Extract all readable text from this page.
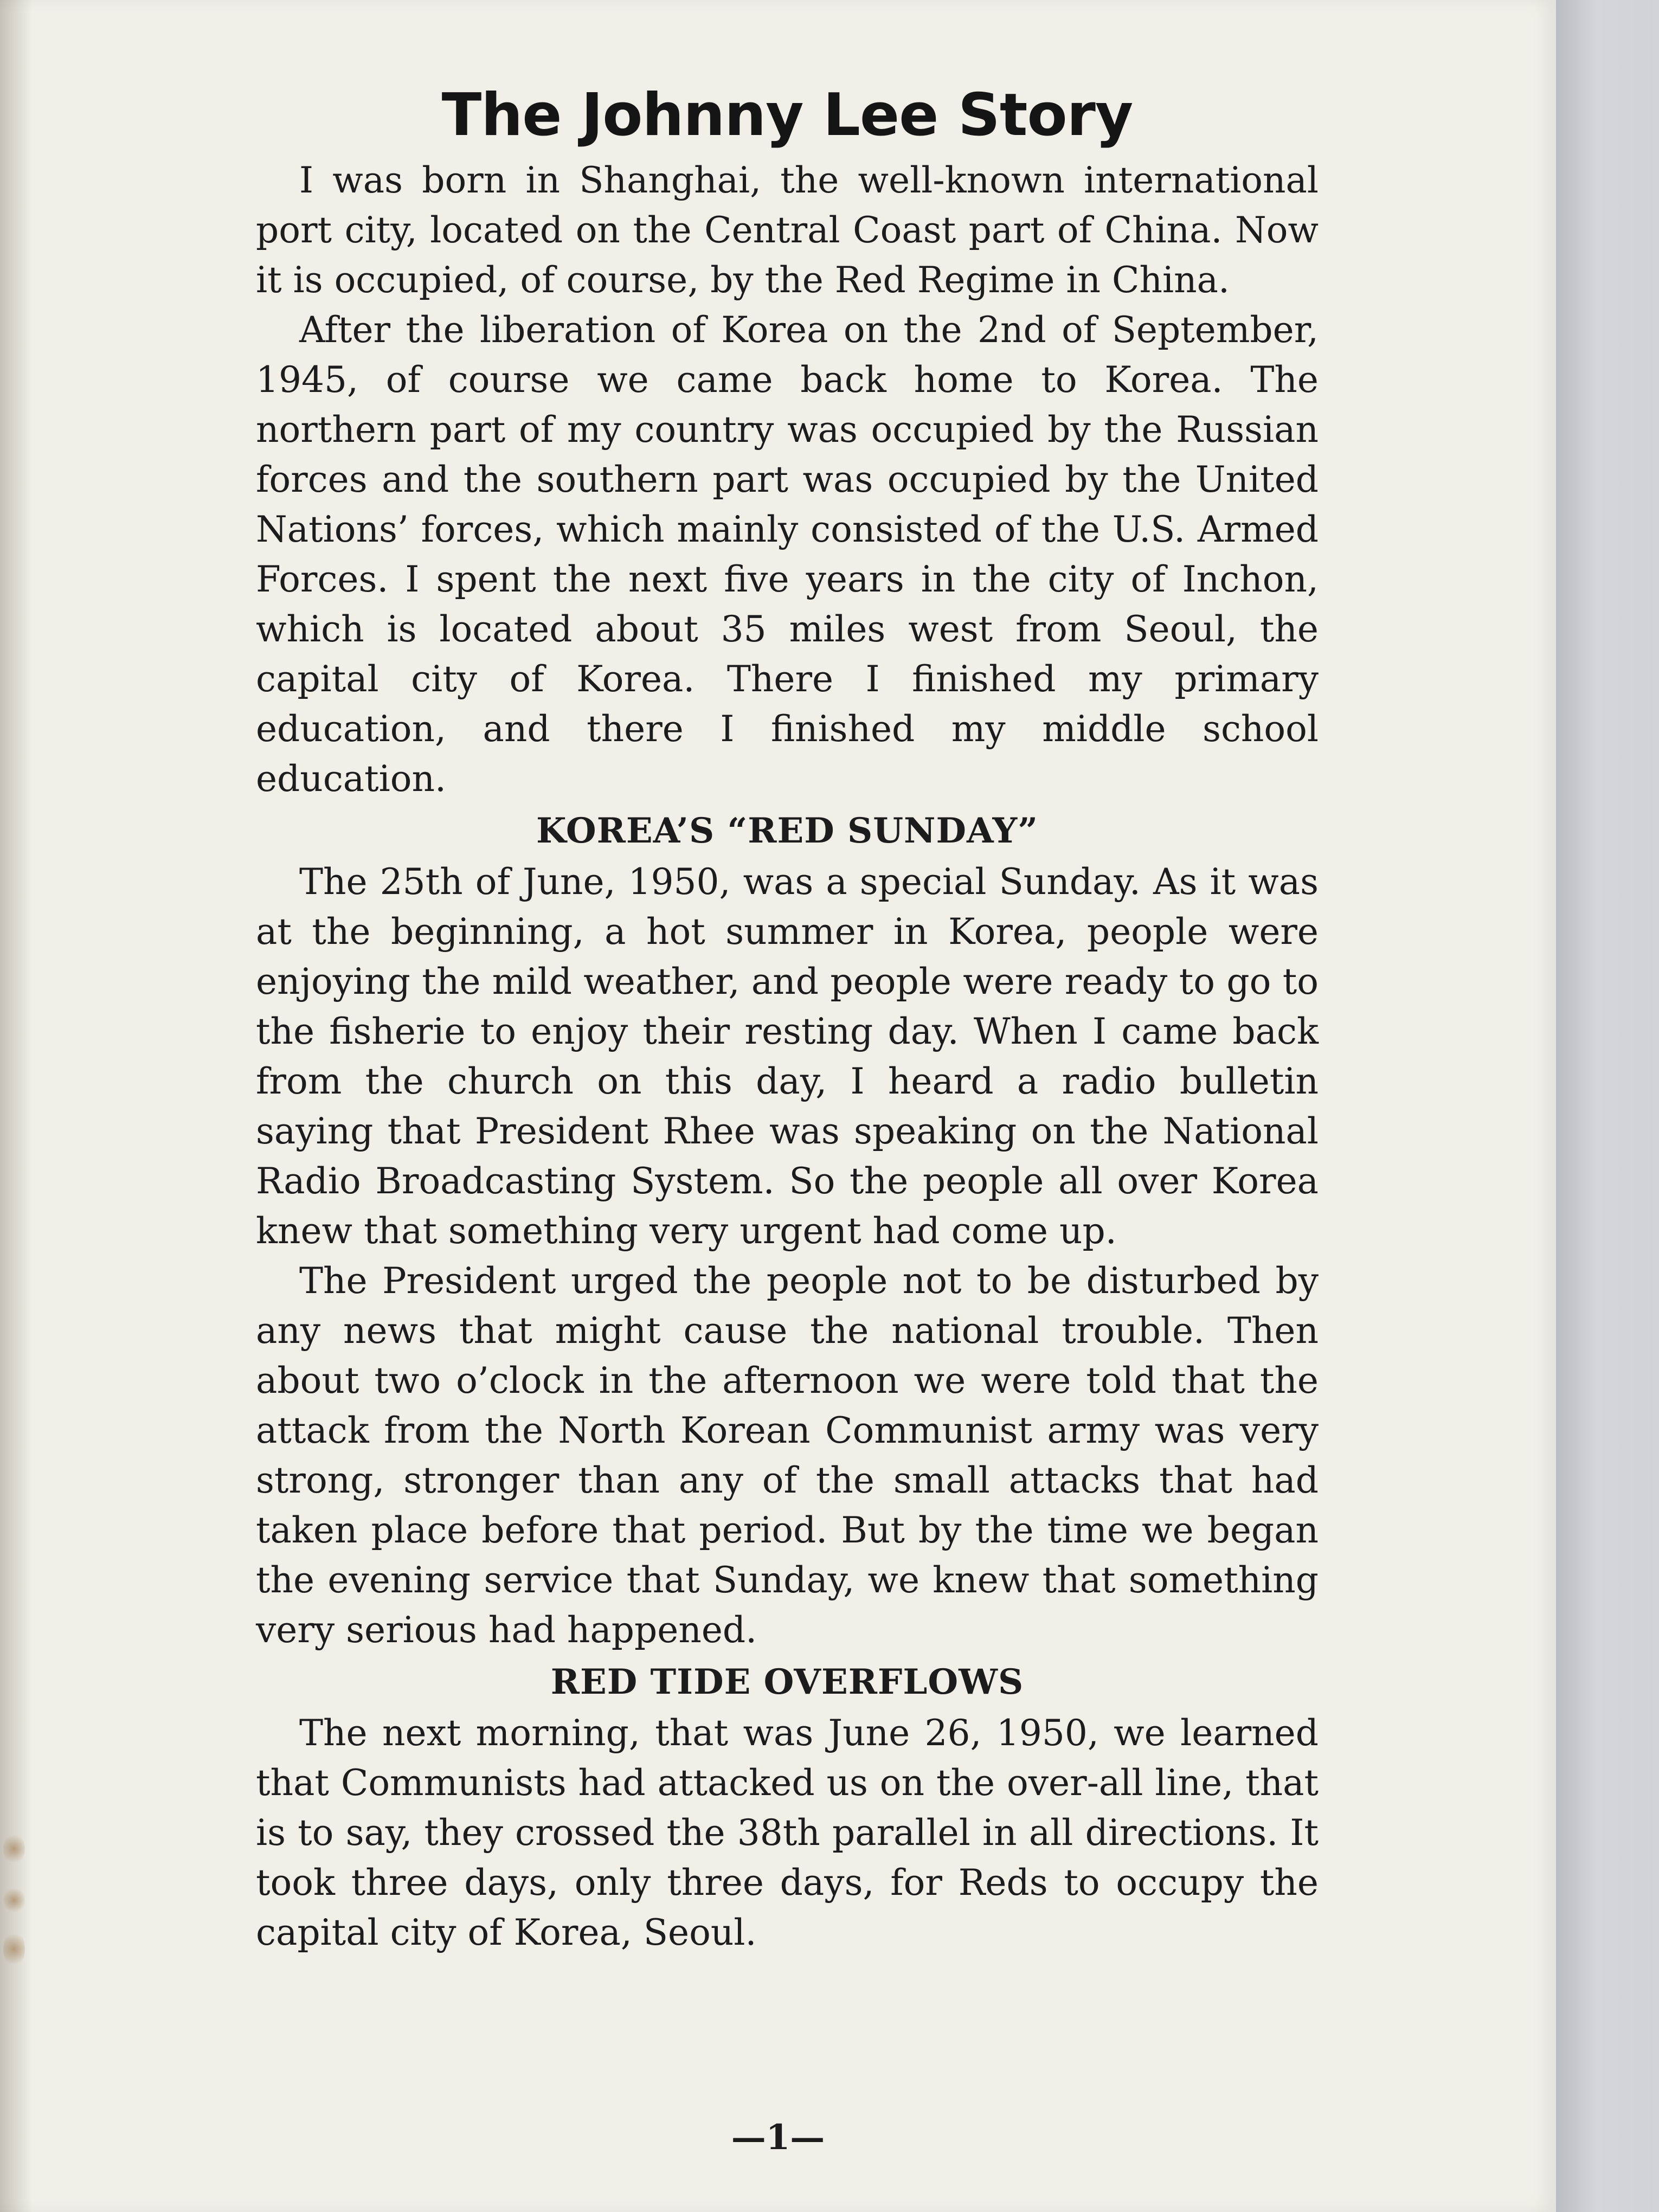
The Johnny Lee Story

I was born in Shanghai, the well-known international port city, located on the Central Coast part of China. Now it is occupied, of course, by the Red Regime in China.

After the liberation of Korea on the 2nd of September, 1945, of course we came back home to Korea. The northern part of my country was occupied by the Russian forces and the southern part was occupied by the United Nations’ forces, which mainly consisted of the U.S. Armed Forces. I spent the next five years in the city of Inchon, which is located about 35 miles west from Seoul, the capital city of Korea. There I finished my primary education, and there I finished my middle school education.

KOREA’S “RED SUNDAY”

The 25th of June, 1950, was a special Sunday. As it was at the beginning, a hot summer in Korea, people were enjoying the mild weather, and people were ready to go to the fisherie to enjoy their resting day. When I came back from the church on this day, I heard a radio bulletin saying that President Rhee was speaking on the National Radio Broadcasting System. So the people all over Korea knew that something very urgent had come up.

The President urged the people not to be disturbed by any news that might cause the national trouble. Then about two o’clock in the afternoon we were told that the attack from the North Korean Communist army was very strong, stronger than any of the small attacks that had taken place before that period. But by the time we began the evening service that Sunday, we knew that something very serious had happened.

RED TIDE OVERFLOWS

The next morning, that was June 26, 1950, we learned that Communists had attacked us on the over-all line, that is to say, they crossed the 38th parallel in all directions. It took three days, only three days, for Reds to occupy the capital city of Korea, Seoul.

—1—
